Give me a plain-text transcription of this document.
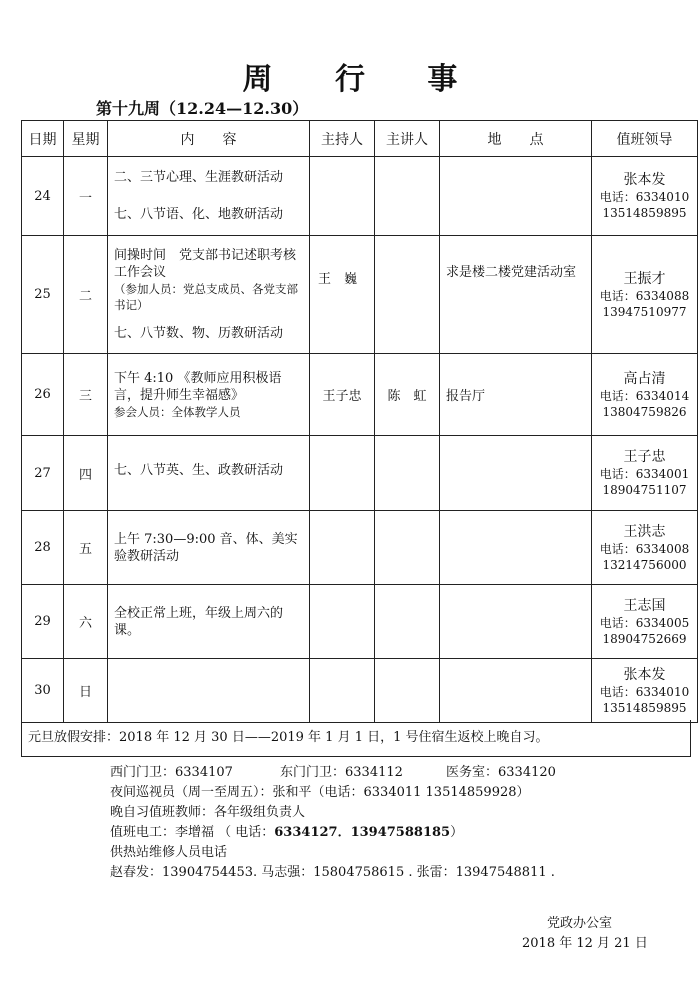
周 行 事
第十九周（12.24—12.30）
日期	星期	内　　容	主持人	主讲人	地　　点	值班领导
24	一	二、三节心理、生涯教研活动
七、八节语、化、地教研活动				张本发
电话：6334010
13514859895

25	二	间操时间　党支部书记述职考核工作会议
（参加人员：党总支成员、各党支部书记）
七、八节数、物、历教研活动	王　巍		求是楼二楼党建活动室	王振才
电话：6334088
13947510977

26	三	下午 4:10 《教师应用积极语言，提升师生幸福感》
参会人员：全体教学人员	王子忠	陈　虹	报告厅	高占清
电话：6334014
13804759826

27	四	七、八节英、生、政教研活动				王子忠
电话：6334001
18904751107

28	五	上午 7:30—9:00 音、体、美实验教研活动				王洪志
电话：6334008
13214756000

29	六	全校正常上班，年级上周六的课。				王志国
电话：6334005
18904752669

30	日					张本发
电话：6334010
13514859895
元旦放假安排：2018 年 12 月 30 日——2019 年 1 月 1 日，1 号住宿生返校上晚自习。
西门门卫：6334107	东门门卫：6334112	医务室：6334120
夜间巡视员（周一至周五）：张和平（电话：6334011 13514859928）
晚自习值班教师：各年级组负责人
值班电工：李增福 （ 电话：6334127．13947588185）
供热站维修人员电话
赵春发：13904754453. 马志强：15804758615 . 张雷：13947548811 .
党政办公室
2018 年 12 月 21 日
